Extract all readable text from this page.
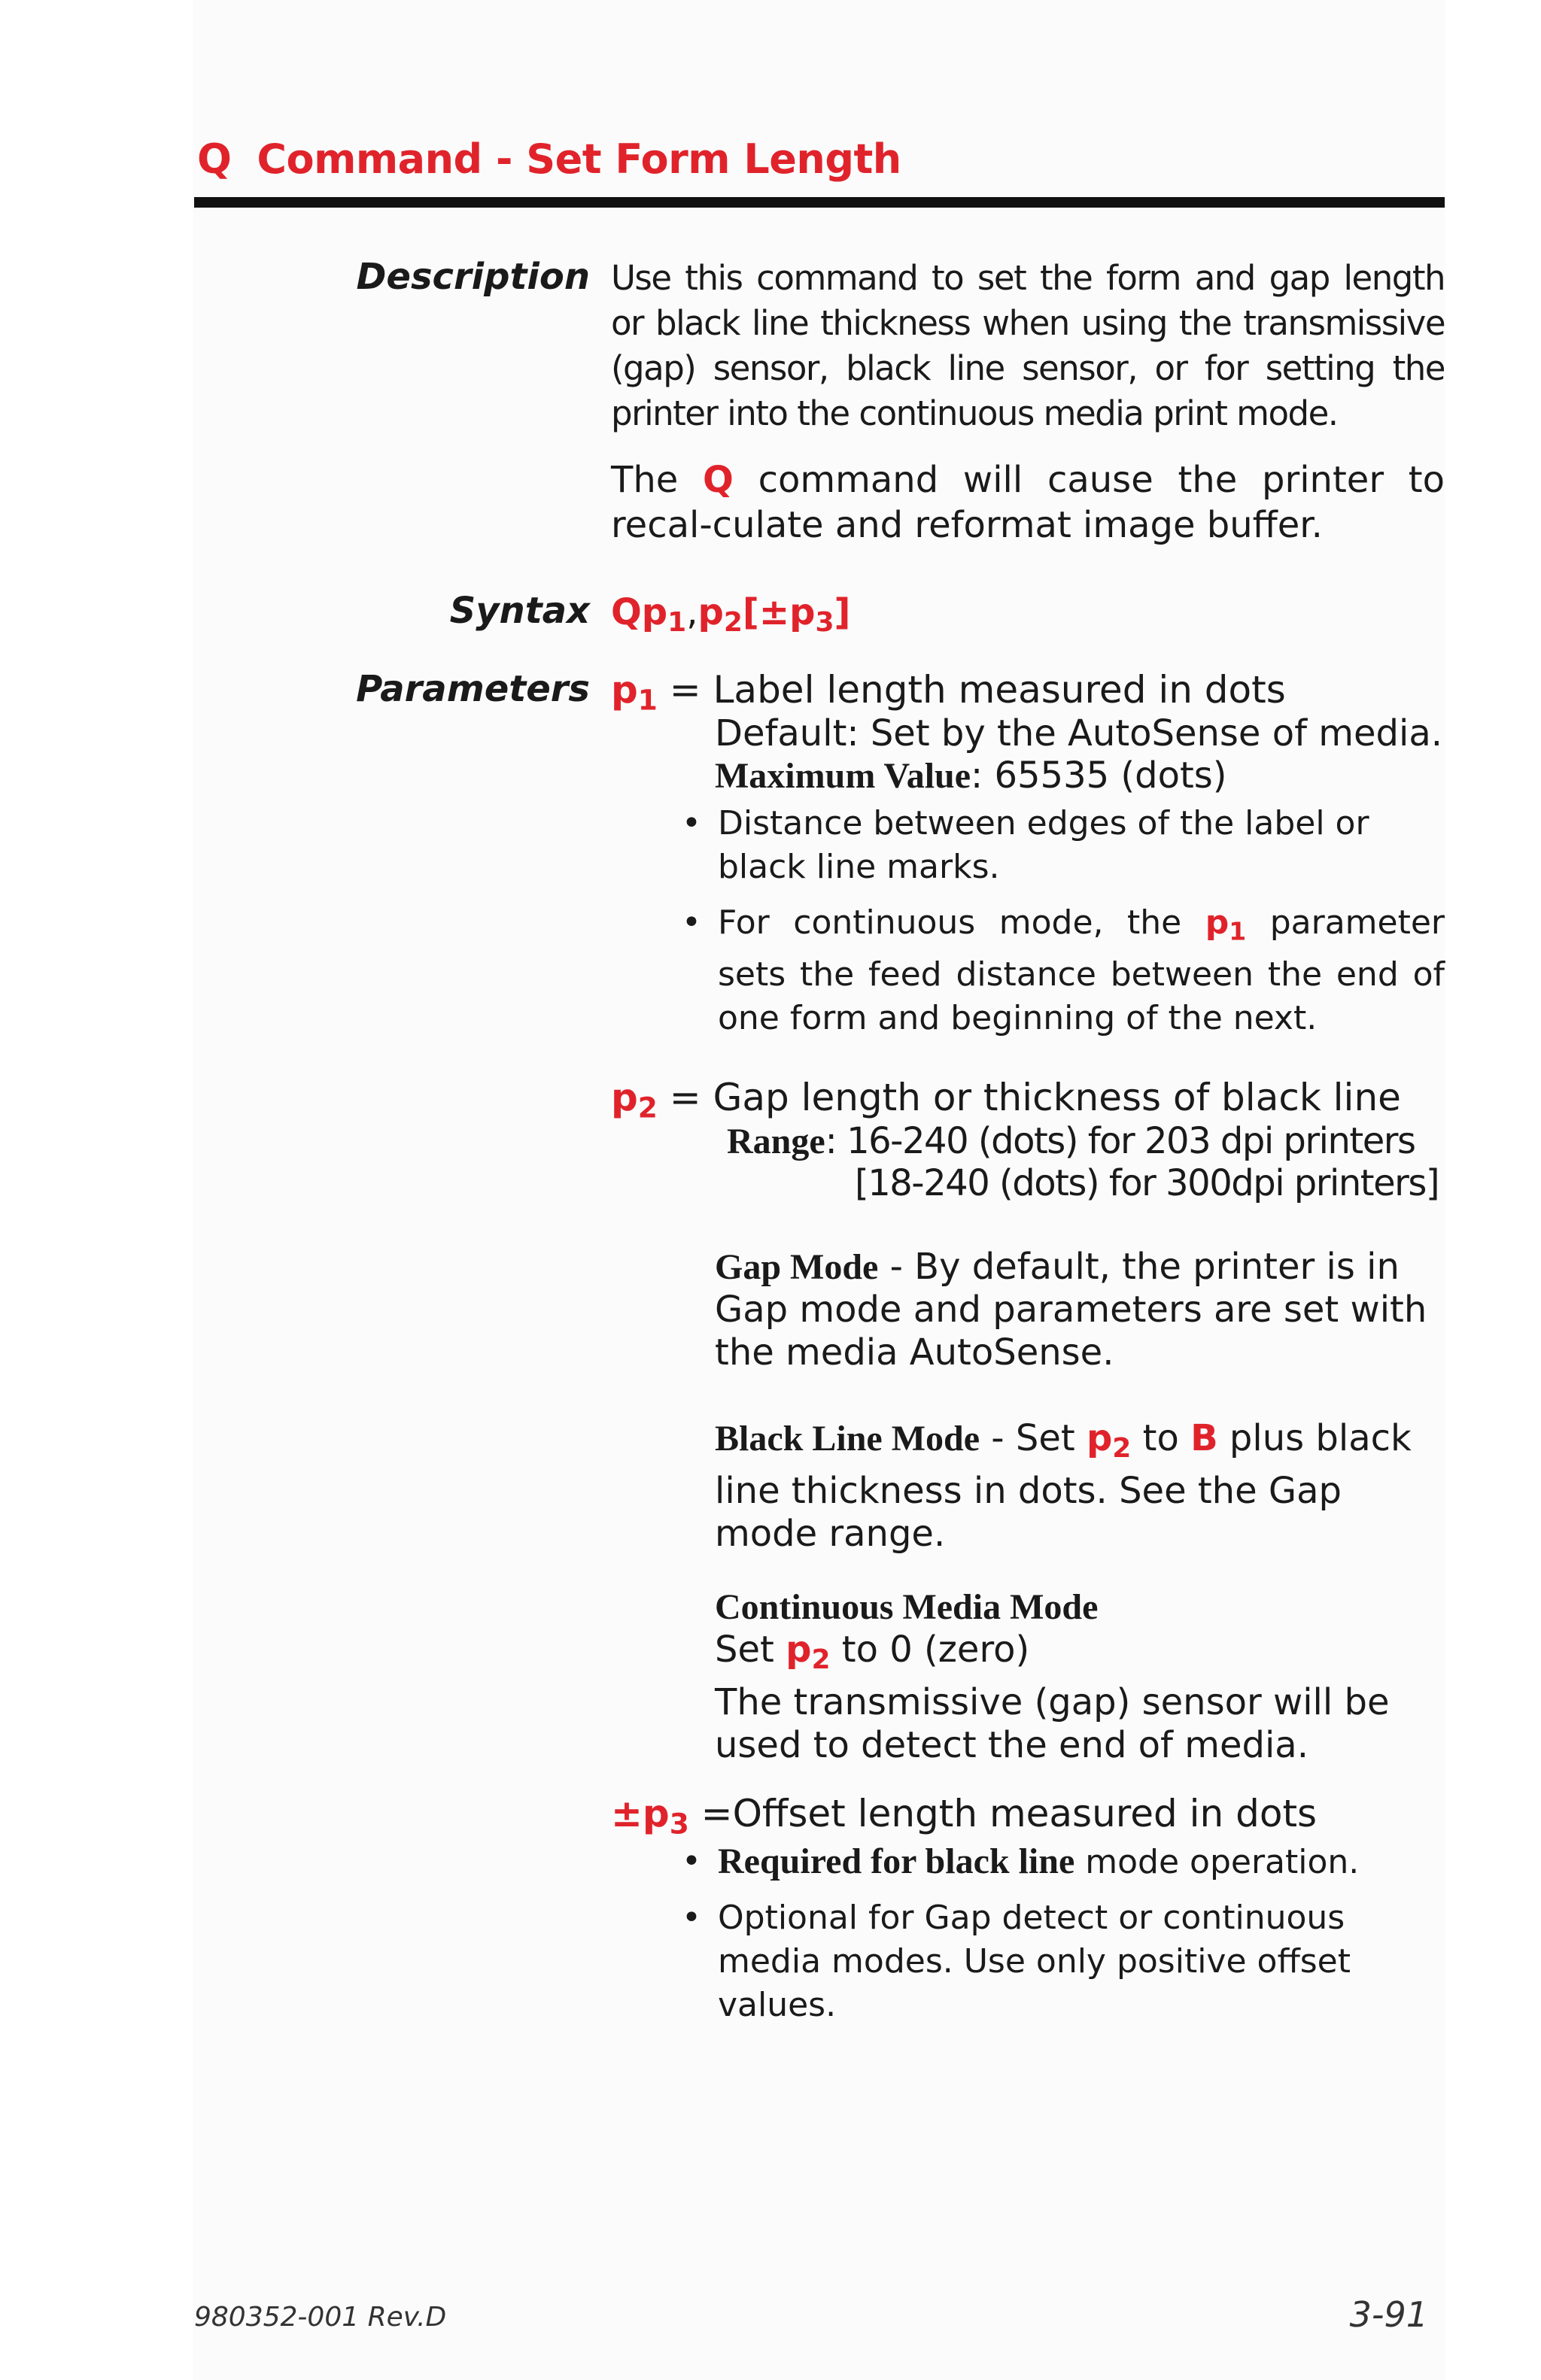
Q Command - Set Form Length
Description Use this command to set the form and gap length or black line thickness when using the transmissive (gap) sensor, black line sensor, or for setting the printer into the continuous media print mode.
The Q command will cause the printer to recal-culate and reformat image buffer.
Syntax $Qp_1,p_2[\pm p_3]$
Parameters $p_1$ = Label length measured in dots
Default: Set by the AutoSense of media.
Maximum Value: 65535 (dots)
• Distance between edges of the label or black line marks.
• For continuous mode, the $p_1$ parameter sets the feed distance between the end of one form and beginning of the next.
$p_2$ = Gap length or thickness of black line
Range: 16-240 (dots) for 203 dpi printers
[18-240 (dots) for 300dpi printers]
Gap Mode - By default, the printer is in Gap mode and parameters are set with the media AutoSense.
Black Line Mode - Set $p_2$ to B plus black line thickness in dots. See the Gap mode range.
Continuous Media Mode
Set $p_2$ to 0 (zero)
The transmissive (gap) sensor will be used to detect the end of media.
$\pm p_3$ =Offset length measured in dots
• Required for black line mode operation.
• Optional for Gap detect or continuous media modes. Use only positive offset values.
980352-001 Rev.D	3-91
